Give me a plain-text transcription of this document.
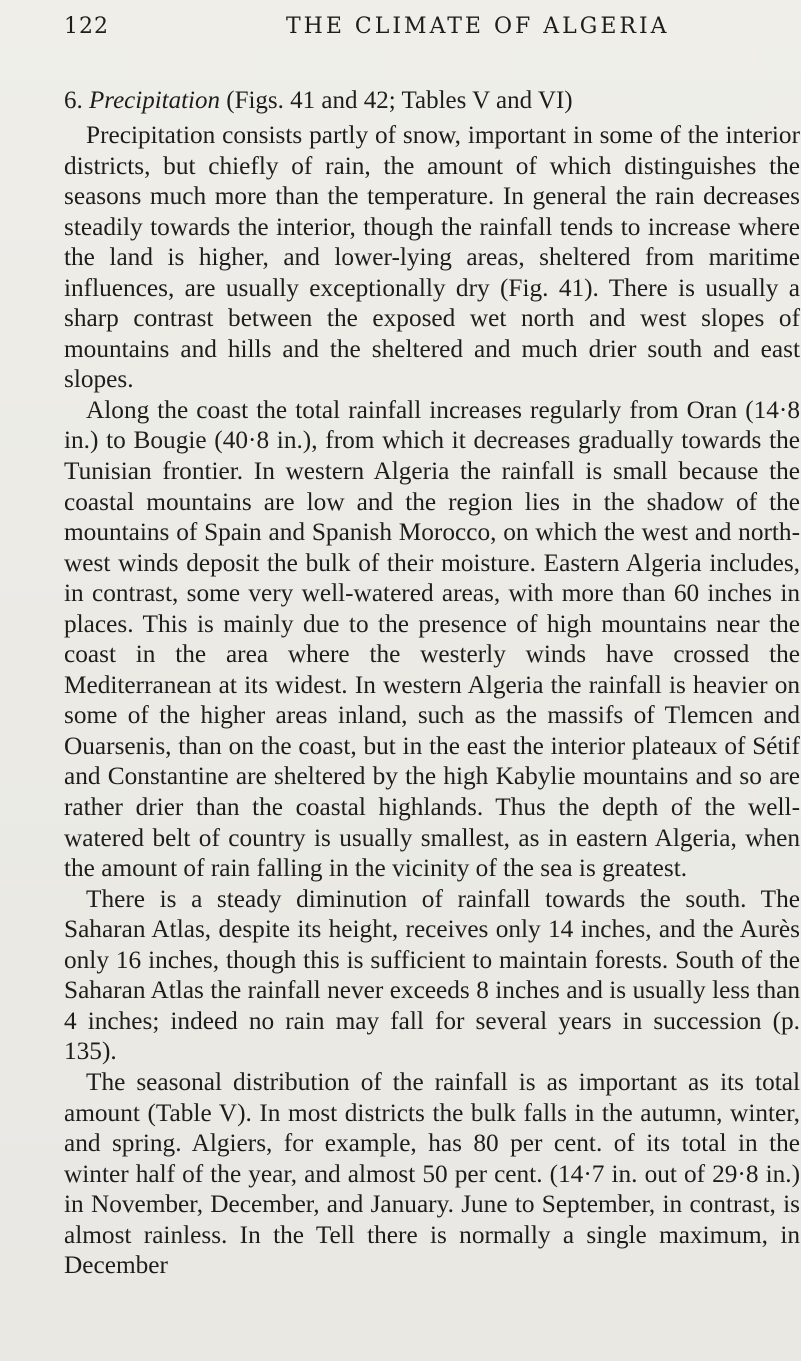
122	THE CLIMATE OF ALGERIA
6. Precipitation (Figs. 41 and 42; Tables V and VI)

Precipitation consists partly of snow, important in some of the interior districts, but chiefly of rain, the amount of which distinguishes the seasons much more than the temperature. In general the rain decreases steadily towards the interior, though the rainfall tends to increase where the land is higher, and lower-lying areas, sheltered from maritime influences, are usually exceptionally dry (Fig. 41). There is usually a sharp contrast between the exposed wet north and west slopes of mountains and hills and the sheltered and much drier south and east slopes.

Along the coast the total rainfall increases regularly from Oran (14·8 in.) to Bougie (40·8 in.), from which it decreases gradually towards the Tunisian frontier. In western Algeria the rainfall is small because the coastal mountains are low and the region lies in the shadow of the mountains of Spain and Spanish Morocco, on which the west and north-west winds deposit the bulk of their moisture. Eastern Algeria includes, in contrast, some very well-watered areas, with more than 60 inches in places. This is mainly due to the presence of high mountains near the coast in the area where the westerly winds have crossed the Mediterranean at its widest. In western Algeria the rainfall is heavier on some of the higher areas inland, such as the massifs of Tlemcen and Ouarsenis, than on the coast, but in the east the interior plateaux of Sétif and Constantine are sheltered by the high Kabylie mountains and so are rather drier than the coastal highlands. Thus the depth of the well-watered belt of country is usually smallest, as in eastern Algeria, when the amount of rain falling in the vicinity of the sea is greatest.

There is a steady diminution of rainfall towards the south. The Saharan Atlas, despite its height, receives only 14 inches, and the Aurès only 16 inches, though this is sufficient to maintain forests. South of the Saharan Atlas the rainfall never exceeds 8 inches and is usually less than 4 inches; indeed no rain may fall for several years in succession (p. 135).

The seasonal distribution of the rainfall is as important as its total amount (Table V). In most districts the bulk falls in the autumn, winter, and spring. Algiers, for example, has 80 per cent. of its total in the winter half of the year, and almost 50 per cent. (14·7 in. out of 29·8 in.) in November, December, and January. June to September, in contrast, is almost rainless. In the Tell there is normally a single maximum, in December
